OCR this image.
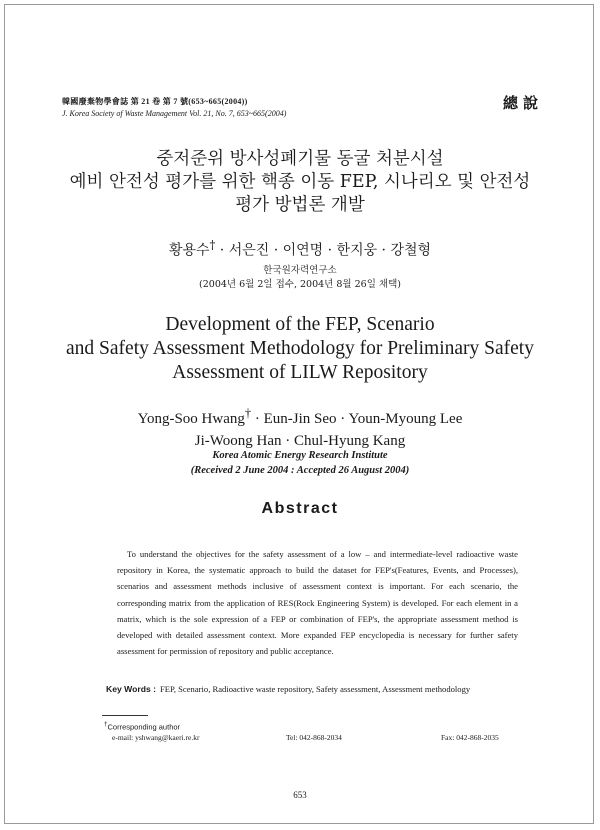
韓國廢棄物學會誌 第 21 卷 第 7 號(653~665(2004))
J. Korea Society of Waste Management Vol. 21, No. 7, 653~665(2004)
總說
중저준위 방사성폐기물 동굴 처분시설
예비 안전성 평가를 위한 핵종 이동 FEP, 시나리오 및 안전성
평가 방법론 개발
황용수† · 서은진 · 이연명 · 한지웅 · 강철형
한국원자력연구소
(2004년 6월 2일 접수, 2004년 8월 26일 채택)
Development of the FEP, Scenario
and Safety Assessment Methodology for Preliminary Safety
Assessment of LILW Repository
Yong-Soo Hwang† · Eun-Jin Seo · Youn-Myoung Lee
Ji-Woong Han · Chul-Hyung Kang
Korea Atomic Energy Research Institute
(Received 2 June 2004 : Accepted 26 August 2004)
Abstract
To understand the objectives for the safety assessment of a low – and intermediate-level radioactive waste repository in Korea, the systematic approach to build the dataset for FEP's(Features, Events, and Processes), scenarios and assessment methods inclusive of assessment context is important. For each scenario, the corresponding matrix from the application of RES(Rock Engineering System) is developed. For each element in a matrix, which is the sole expression of a FEP or combination of FEP's, the appropriate assessment method is developed with detailed assessment context. More expanded FEP encyclopedia is necessary for further safety assessment for permission of repository and public acceptance.
Key Words : FEP, Scenario, Radioactive waste repository, Safety assessment, Assessment methodology
†Corresponding author
e-mail: yshwang@kaeri.re.kr	Tel: 042-868-2034	Fax: 042-868-2035
653
